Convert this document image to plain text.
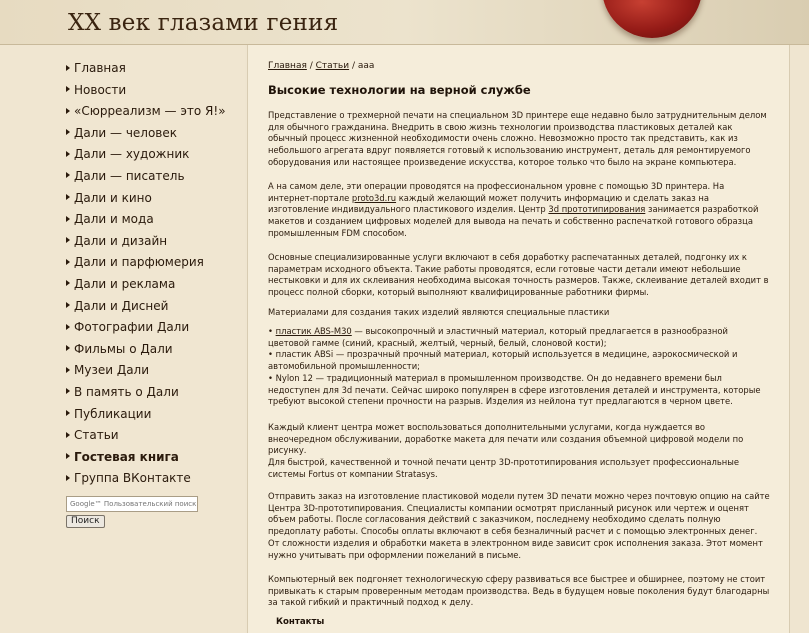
XX век глазами гения
Главная
Новости
«Сюрреализм — это Я!»
Дали — человек
Дали — художник
Дали — писатель
Дали и кино
Дали и мода
Дали и дизайн
Дали и парфюмерия
Дали и реклама
Дали и Дисней
Фотографии Дали
Фильмы о Дали
Музеи Дали
В память о Дали
Публикации
Статьи
Гостевая книга
Группа ВКонтакте
Google™ Пользовательский поиск
Поиск
Главная / Статьи / ааа
Высокие технологии на верной службе

Представление о трехмерной печати на специальном 3D принтере еще недавно было затруднительным делом для обычного гражданина. Внедрить в свою жизнь технологии производства пластиковых деталей как обычный процесс жизненной необходимости очень сложно. Невозможно просто так представить, как из небольшого агрегата вдруг появляется готовый к использованию инструмент, деталь для ремонтируемого оборудования или настоящее произведение искусства, которое только что было на экране компьютера.

А на самом деле, эти операции проводятся на профессиональном уровне с помощью 3D принтера. На интернет-портале proto3d.ru каждый желающий может получить информацию и сделать заказ на изготовление индивидуального пластикового изделия. Центр 3d прототипирования занимается разработкой макетов и созданием цифровых моделей для вывода на печать и собственно распечаткой готового образца промышленным FDM способом.

Основные специализированные услуги включают в себя доработку распечатанных деталей, подгонку их к параметрам исходного объекта. Такие работы проводятся, если готовые части детали имеют небольшие нестыковки и для их склеивания необходима высокая точность размеров. Также, склеивание деталей входит в процесс полной сборки, который выполняют квалифицированные работники фирмы.

Материалами для создания таких изделий являются специальные пластики

• пластик ABS-M30 — высокопрочный и эластичный материал, который предлагается в разнообразной цветовой гамме (синий, красный, желтый, черный, белый, слоновой кости);
• пластик ABSi — прозрачный прочный материал, который используется в медицине, аэрокосмической и автомобильной промышленности;
• Nylon 12 — традиционный материал в промышленном производстве. Он до недавнего времени был недоступен для 3d печати. Сейчас широко популярен в сфере изготовления деталей и инструмента, которые требуют высокой степени прочности на разрыв. Изделия из нейлона тут предлагаются в черном цвете.

Каждый клиент центра может воспользоваться дополнительными услугами, когда нуждается во внеочередном обслуживании, доработке макета для печати или создания объемной цифровой модели по рисунку.

Для быстрой, качественной и точной печати центр 3D-прототипирования использует профессиональные системы Fortus от компании Stratasys.

Отправить заказ на изготовление пластиковой модели путем 3D печати можно через почтовую опцию на сайте Центра 3D-прототипирования. Специалисты компании осмотрят присланный рисунок или чертеж и оценят объем работы. После согласования действий с заказчиком, последнему необходимо сделать полную предоплату работы. Способы оплаты включают в себя безналичный расчет и с помощью электронных денег. От сложности изделия и обработки макета в электронном виде зависит срок исполнения заказа. Этот момент нужно учитывать при оформлении пожеланий в письме.

Компьютерный век подгоняет технологическую сферу развиваться все быстрее и обширнее, поэтому не стоит привыкать к старым проверенным методам производства. Ведь в будущем новые поколения будут благодарны за такой гибкий и практичный подход к делу.

Контакты
